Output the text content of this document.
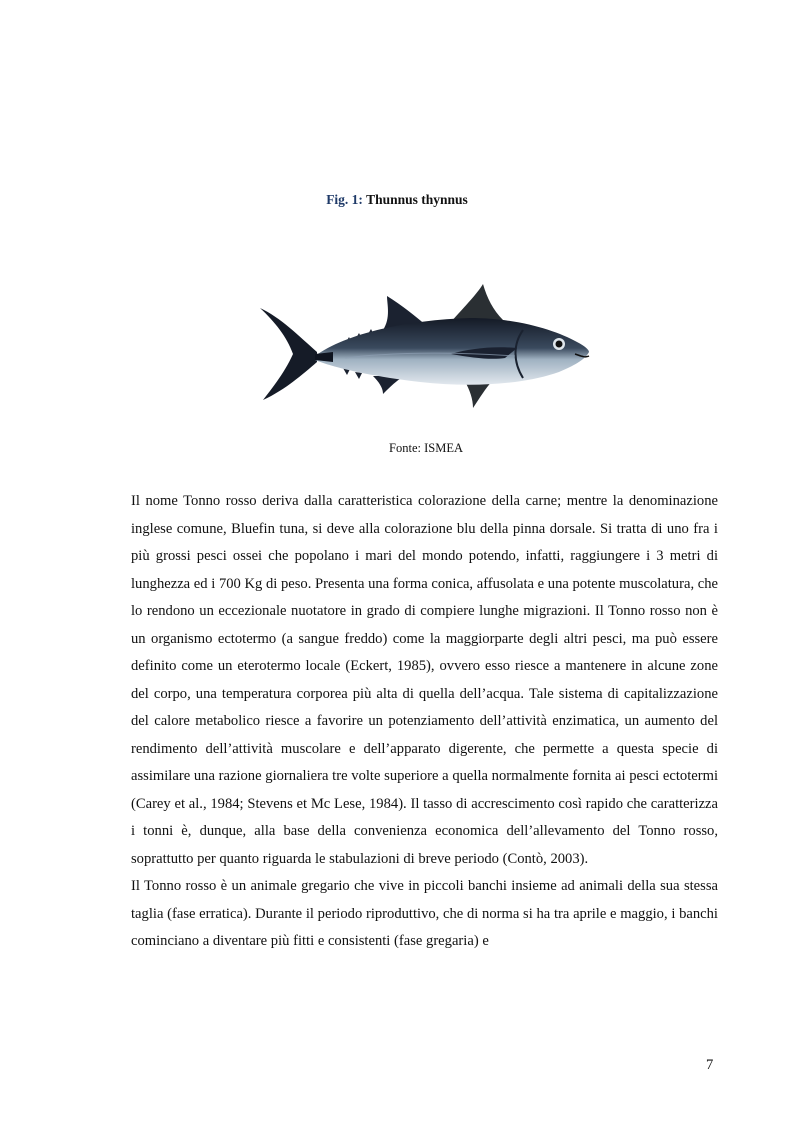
Fig. 1: Thunnus thynnus
Fonte: ISMEA

Il nome Tonno rosso deriva dalla caratteristica colorazione della carne; mentre la denominazione inglese comune, Bluefin tuna, si deve alla colorazione blu della pinna dorsale. Si tratta di uno fra i più grossi pesci ossei che popolano i mari del mondo potendo, infatti, raggiungere i 3 metri di lunghezza ed i 700 Kg di peso. Presenta una forma conica, affusolata e una potente muscolatura, che lo rendono un eccezionale nuotatore in grado di compiere lunghe migrazioni. Il Tonno rosso non è un organismo ectotermo (a sangue freddo) come la maggiorparte degli altri pesci, ma può essere definito come un eterotermo locale (Eckert, 1985), ovvero esso riesce a mantenere in alcune zone del corpo, una temperatura corporea più alta di quella dell’acqua. Tale sistema di capitalizzazione del calore metabolico riesce a favorire un potenziamento dell’attività enzimatica, un aumento del rendimento dell’attività muscolare e dell’apparato digerente, che permette a questa specie di assimilare una razione giornaliera tre volte superiore a quella normalmente fornita ai pesci ectotermi (Carey et al., 1984; Stevens et Mc Lese, 1984). Il tasso di accrescimento così rapido che caratterizza i tonni è, dunque, alla base della convenienza economica dell’allevamento del Tonno rosso, soprattutto per quanto riguarda le stabulazioni di breve periodo (Contò, 2003).

Il Tonno rosso è un animale gregario che vive in piccoli banchi insieme ad animali della sua stessa taglia (fase erratica). Durante il periodo riproduttivo, che di norma si ha tra aprile e maggio, i banchi cominciano a diventare più fitti e consistenti (fase gregaria) e

7
